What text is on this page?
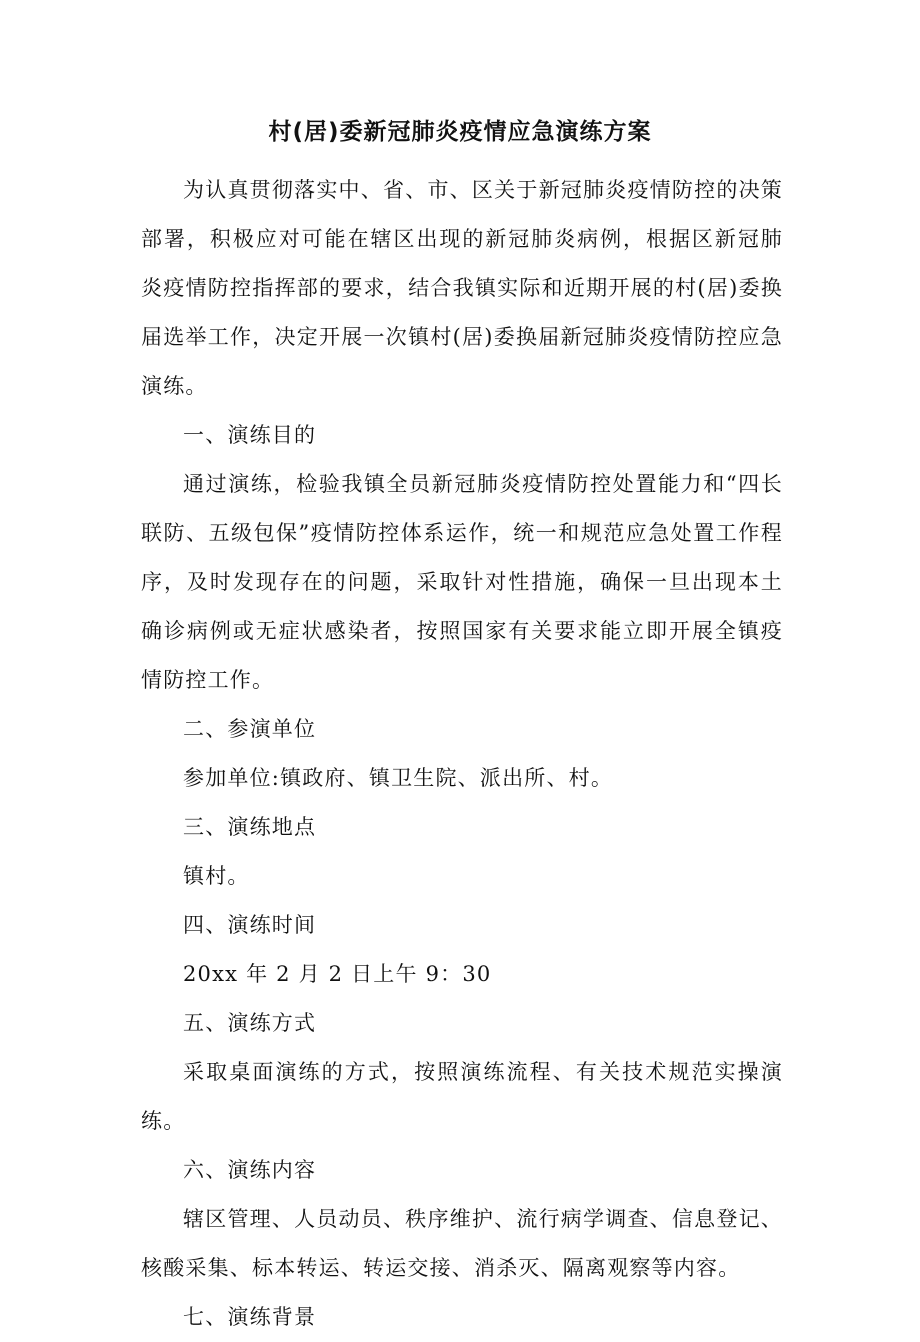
村(居)委新冠肺炎疫情应急演练方案

为认真贯彻落实中、省、市、区关于新冠肺炎疫情防控的决策部署，积极应对可能在辖区出现的新冠肺炎病例，根据区新冠肺炎疫情防控指挥部的要求，结合我镇实际和近期开展的村(居)委换届选举工作，决定开展一次镇村(居)委换届新冠肺炎疫情防控应急演练。

一、演练目的

通过演练，检验我镇全员新冠肺炎疫情防控处置能力和“四长联防、五级包保”疫情防控体系运作，统一和规范应急处置工作程序，及时发现存在的问题，采取针对性措施，确保一旦出现本土确诊病例或无症状感染者，按照国家有关要求能立即开展全镇疫情防控工作。

二、参演单位

参加单位:镇政府、镇卫生院、派出所、村。

三、演练地点

镇村。

四、演练时间

20xx 年 2 月 2 日上午 9：30

五、演练方式

采取桌面演练的方式，按照演练流程、有关技术规范实操演练。

六、演练内容

辖区管理、人员动员、秩序维护、流行病学调查、信息登记、核酸采集、标本转运、转运交接、消杀灭、隔离观察等内容。

七、演练背景
